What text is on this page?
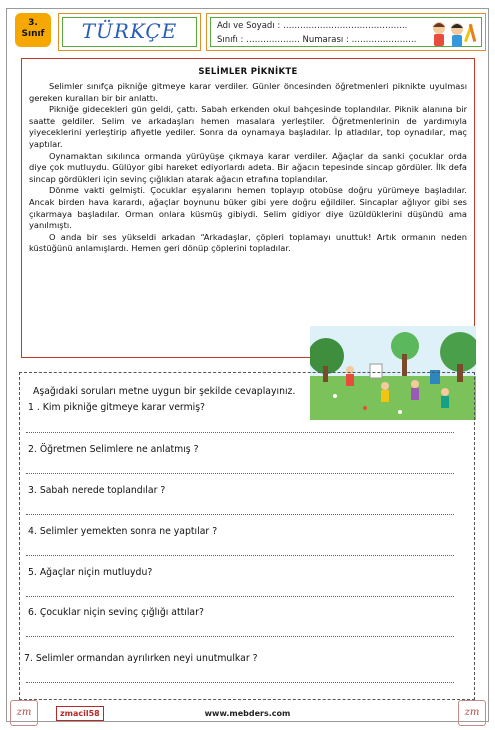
3.
Sınıf	TÜRKÇE	Adı ve Soyadı : ……………………………………..
Sınıfı : ………………. Numarası : …………………..
SELİMLER PİKNİKTE

Selimler sınıfça pikniğe gitmeye karar verdiler. Günler öncesinden öğretmenleri piknikte uyulması gereken kuralları bir bir anlattı.

Pikniğe gidecekleri gün geldi, çattı. Sabah erkenden okul bahçesinde toplandılar. Piknik alanına bir saatte geldiler. Selim ve arkadaşları hemen masalara yerleştiler. Öğretmenlerinin de yardımıyla yiyeceklerini yerleştirip afiyetle yediler. Sonra da oynamaya başladılar. İp atladılar, top oynadılar, maç yaptılar.

Oynamaktan sıkılınca ormanda yürüyüşe çıkmaya karar verdiler. Ağaçlar da sanki çocuklar orda diye çok mutluydu. Gülüyor gibi hareket ediyorlardı adeta. Bir ağacın tepesinde sincap gördüler. İlk defa sincap gördükleri için sevinç çığlıkları atarak ağacın etrafına toplandılar.

Dönme vakti gelmişti. Çocuklar eşyalarını hemen toplayıp otobüse doğru yürümeye başladılar. Ancak birden hava karardı, ağaçlar boynunu büker gibi yere doğru eğildiler. Sincaplar ağlıyor gibi ses çıkarmaya başladılar. Orman onlara küsmüş gibiydi. Selim gidiyor diye üzüldüklerini düşündü ama yanılmıştı.

O anda bir ses yükseldi arkadan “Arkadaşlar, çöpleri toplamayı unuttuk! Artık ormanın neden küstüğünü anlamışlardı. Hemen geri dönüp çöplerini topladılar.

Aşağıdaki soruları metne uygun bir şekilde cevaplayınız.
1 . Kim pikniğe gitmeye karar vermiş?
2. Öğretmen Selimlere ne anlatmış ?
3. Sabah nerede toplandılar ?
4. Selimler yemekten sonra ne yaptılar ?
5. Ağaçlar niçin mutluydu?
6. Çocuklar niçin sevinç çığlığı attılar?
7. Selimler ormandan ayrılırken neyi unutmulkar ?
zm	zmacil58	www.mebders.com	zm
